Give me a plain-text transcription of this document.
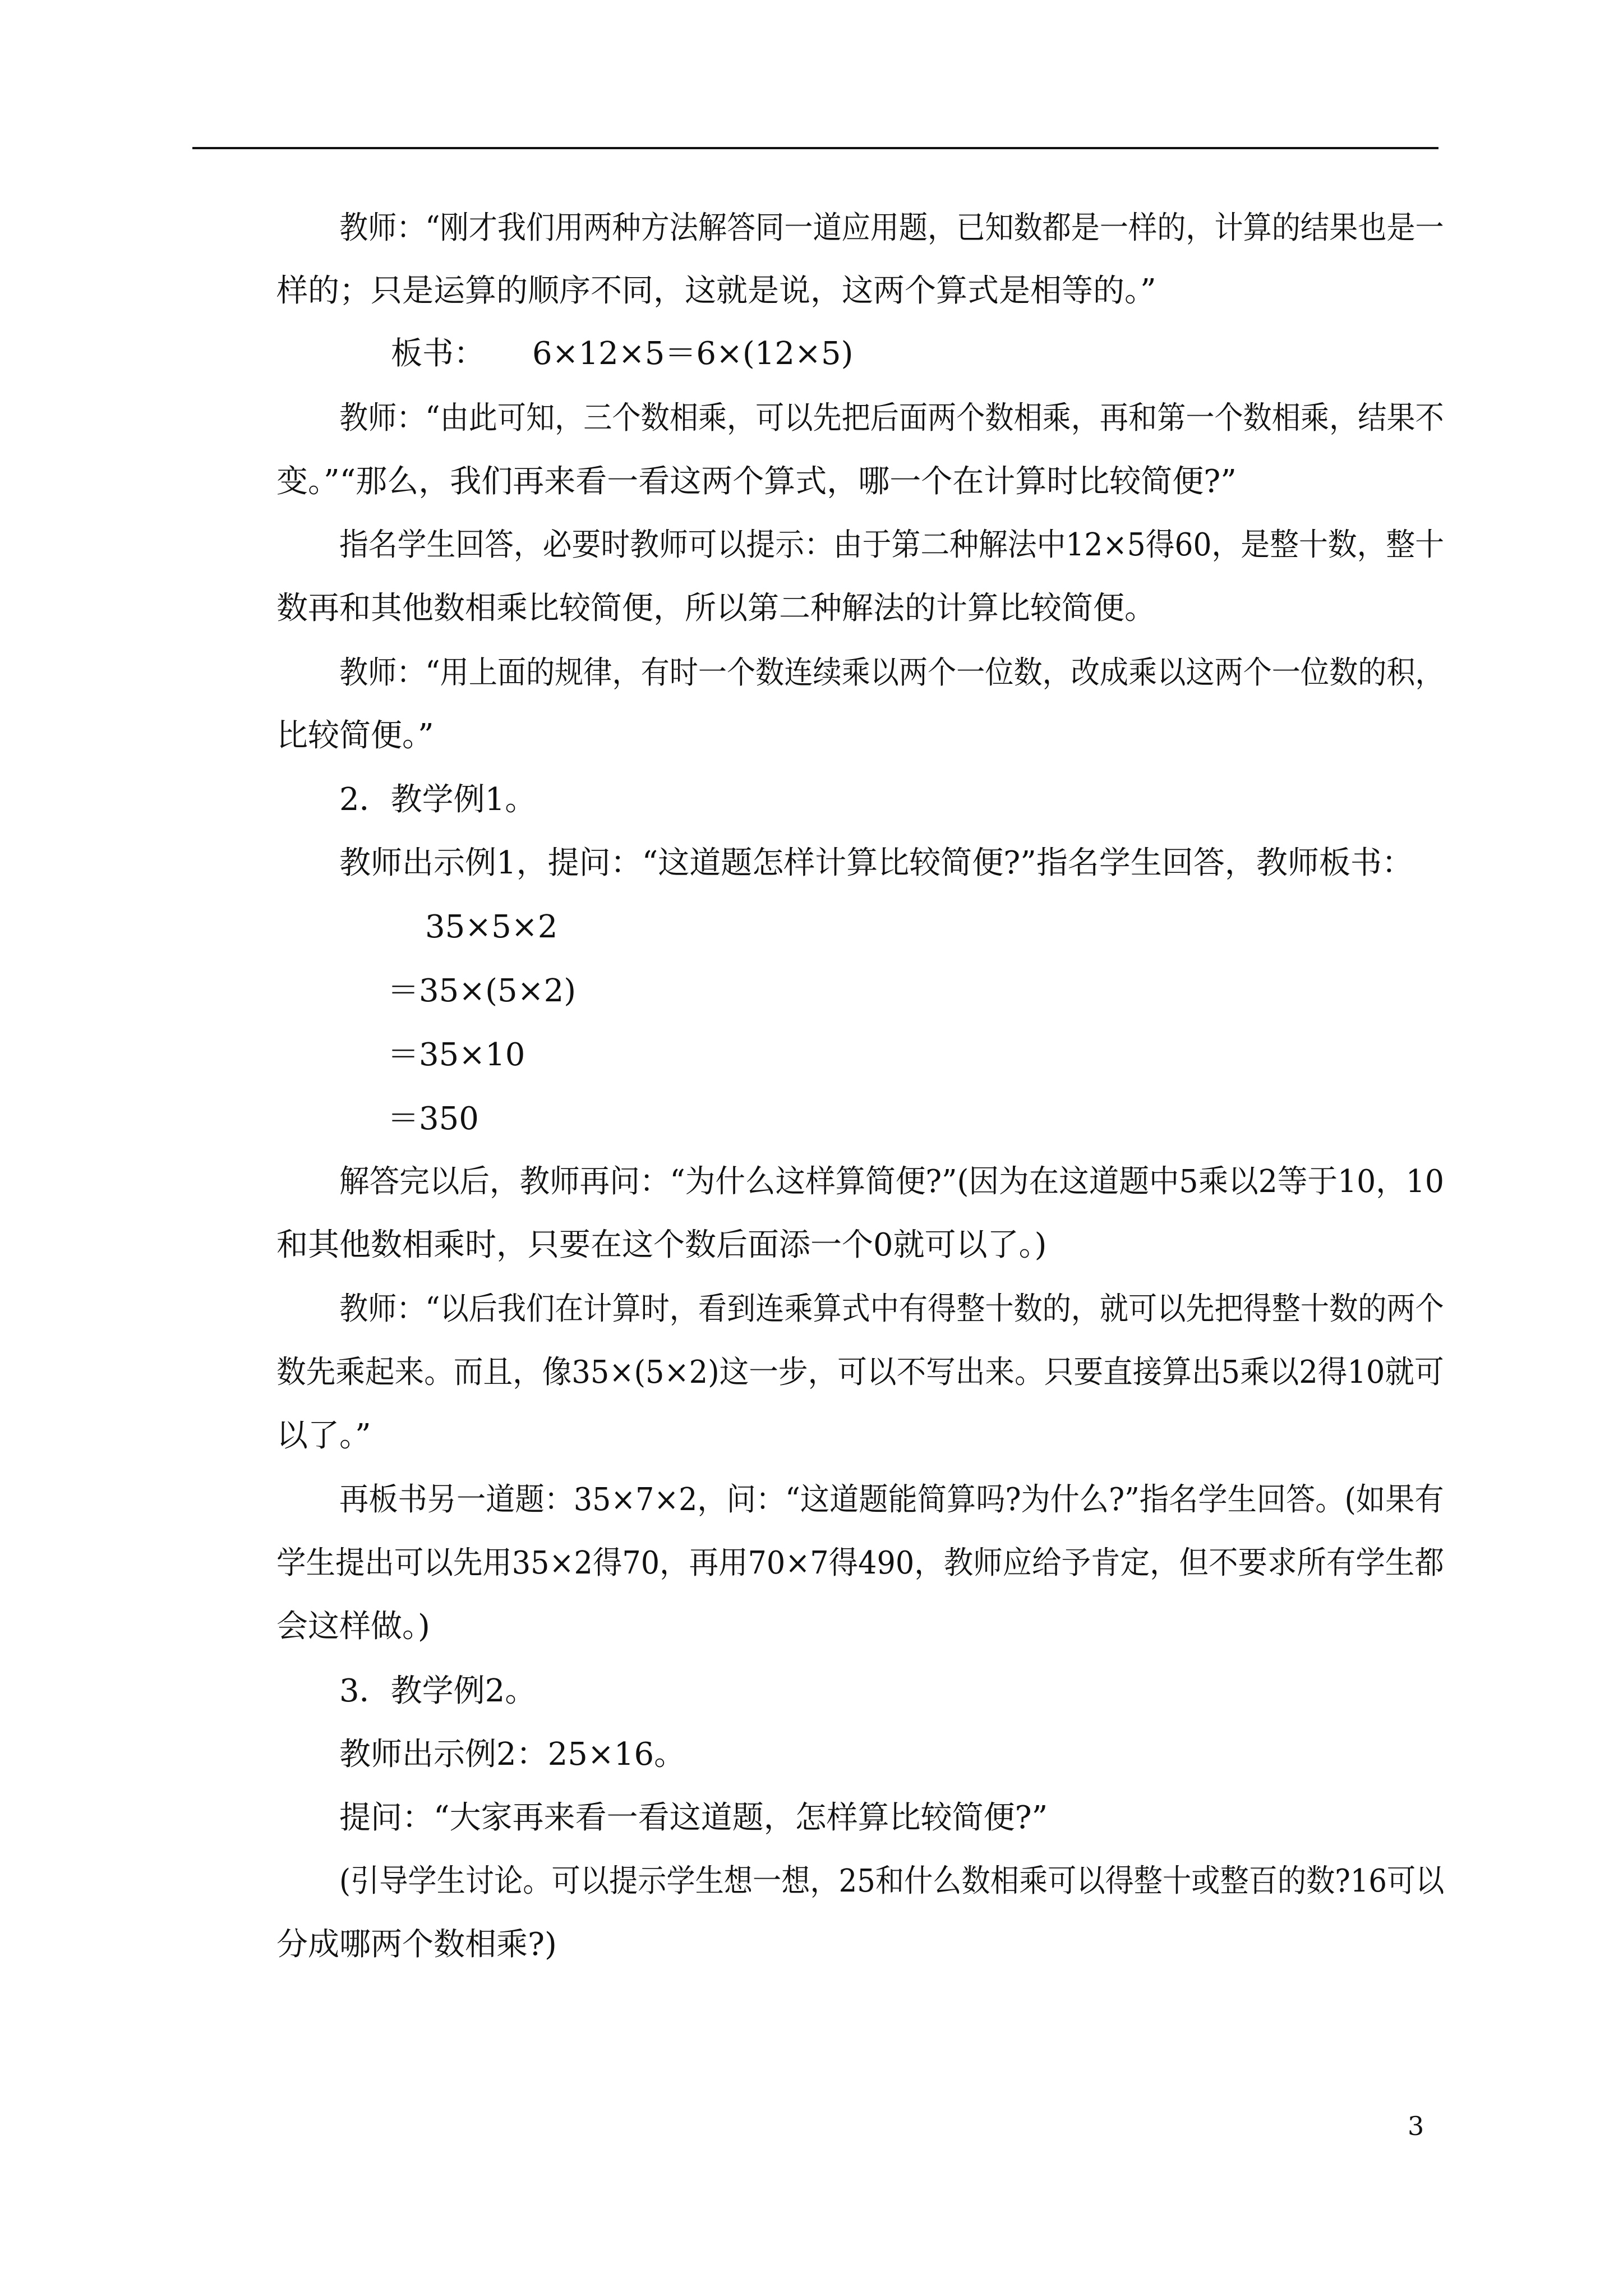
教师：“刚才我们用两种方法解答同一道应用题，已知数都是一样的，计算的结果也是一

样的；只是运算的顺序不同，这就是说，这两个算式是相等的。”

板书：　　6×12×5＝6×(12×5)

教师：“由此可知，三个数相乘，可以先把后面两个数相乘，再和第一个数相乘，结果不

变。”“那么，我们再来看一看这两个算式，哪一个在计算时比较简便?”

指名学生回答，必要时教师可以提示：由于第二种解法中12×5得60，是整十数，整十

数再和其他数相乘比较简便，所以第二种解法的计算比较简便。

教师：“用上面的规律，有时一个数连续乘以两个一位数，改成乘以这两个一位数的积，

比较简便。”

2．教学例1。

教师出示例1，提问：“这道题怎样计算比较简便?”指名学生回答，教师板书：

35×5×2

＝35×(5×2)

＝35×10

＝350

解答完以后，教师再问：“为什么这样算简便?”(因为在这道题中5乘以2等于10，10

和其他数相乘时，只要在这个数后面添一个0就可以了。)

教师：“以后我们在计算时，看到连乘算式中有得整十数的，就可以先把得整十数的两个

数先乘起来。而且，像35×(5×2)这一步，可以不写出来。只要直接算出5乘以2得10就可

以了。”

再板书另一道题：35×7×2，问：“这道题能简算吗?为什么?”指名学生回答。(如果有

学生提出可以先用35×2得70，再用70×7得490，教师应给予肯定，但不要求所有学生都

会这样做。)

3．教学例2。

教师出示例2：25×16。

提问：“大家再来看一看这道题，怎样算比较简便?”

(引导学生讨论。可以提示学生想一想，25和什么数相乘可以得整十或整百的数?16可以

分成哪两个数相乘?)

3
